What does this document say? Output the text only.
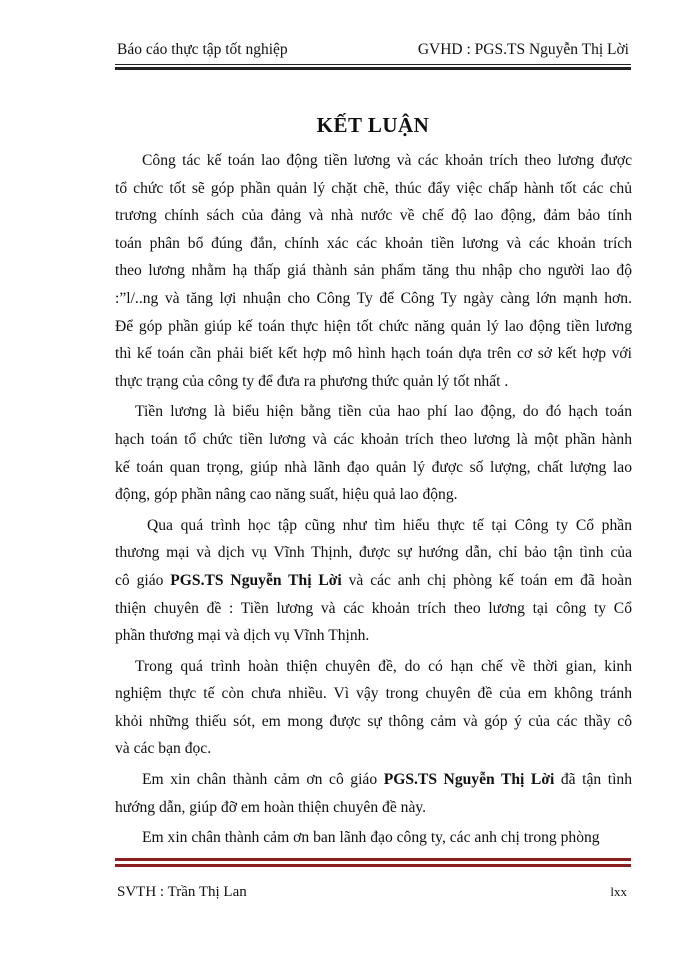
Báo cáo thực tập tốt nghiệp	GVHD : PGS.TS Nguyễn Thị Lời
KẾT LUẬN
Công tác kế toán lao động tiền lương và các khoản trích theo lương được
tổ chức tốt sẽ góp phần quản lý chặt chẽ, thúc đẩy việc chấp hành tốt các chủ
trương chính sách của đảng và nhà nước về chế độ lao động, đảm bảo tính
toán phân bổ đúng đắn, chính xác các khoản tiền lương và các khoản trích
theo lương nhằm hạ thấp giá thành sản phẩm tăng thu nhập cho người lao độ
:”l/..ng và tăng lợi nhuận cho Công Ty để Công Ty ngày càng lớn mạnh hơn.
Để góp phần giúp kế toán thực hiện tốt chức năng quản lý lao động tiền lương
thì kế toán cần phải biết kết hợp mô hình hạch toán dựa trên cơ sở kết hợp với
thực trạng của công ty để đưa ra phương thức quản lý tốt nhất .
Tiền lương là biểu hiện bằng tiền của hao phí lao động, do đó hạch toán
hạch toán tổ chức tiền lương và các khoản trích theo lương là một phần hành
kế toán quan trọng, giúp nhà lãnh đạo quản lý được số lượng, chất lượng lao
động, góp phần nâng cao năng suất, hiệu quả lao động.
Qua quá trình học tập cũng như tìm hiểu thực tế tại Công ty Cổ phần
thương mại và dịch vụ Vĩnh Thịnh, được sự hướng dẫn, chỉ bảo tận tình của
cô giáo PGS.TS Nguyễn Thị Lời và các anh chị phòng kế toán em đã hoàn
thiện chuyên đề : Tiền lương và các khoản trích theo lương tại công ty Cổ
phần thương mại và dịch vụ Vĩnh Thịnh.
Trong quá trình hoàn thiện chuyên đề, do có hạn chế về thời gian, kinh
nghiệm thực tế còn chưa nhiều. Vì vậy trong chuyên đề của em không tránh
khỏi những thiếu sót, em mong được sự thông cảm và góp ý của các thầy cô
và các bạn đọc.
Em xin chân thành cảm ơn cô giáo PGS.TS Nguyễn Thị Lời đã tận tình
hướng dẫn, giúp đỡ em hoàn thiện chuyên đề này.
Em xin chân thành cảm ơn ban lãnh đạo công ty, các anh chị trong phòng
SVTH : Trần Thị Lan	lxx
